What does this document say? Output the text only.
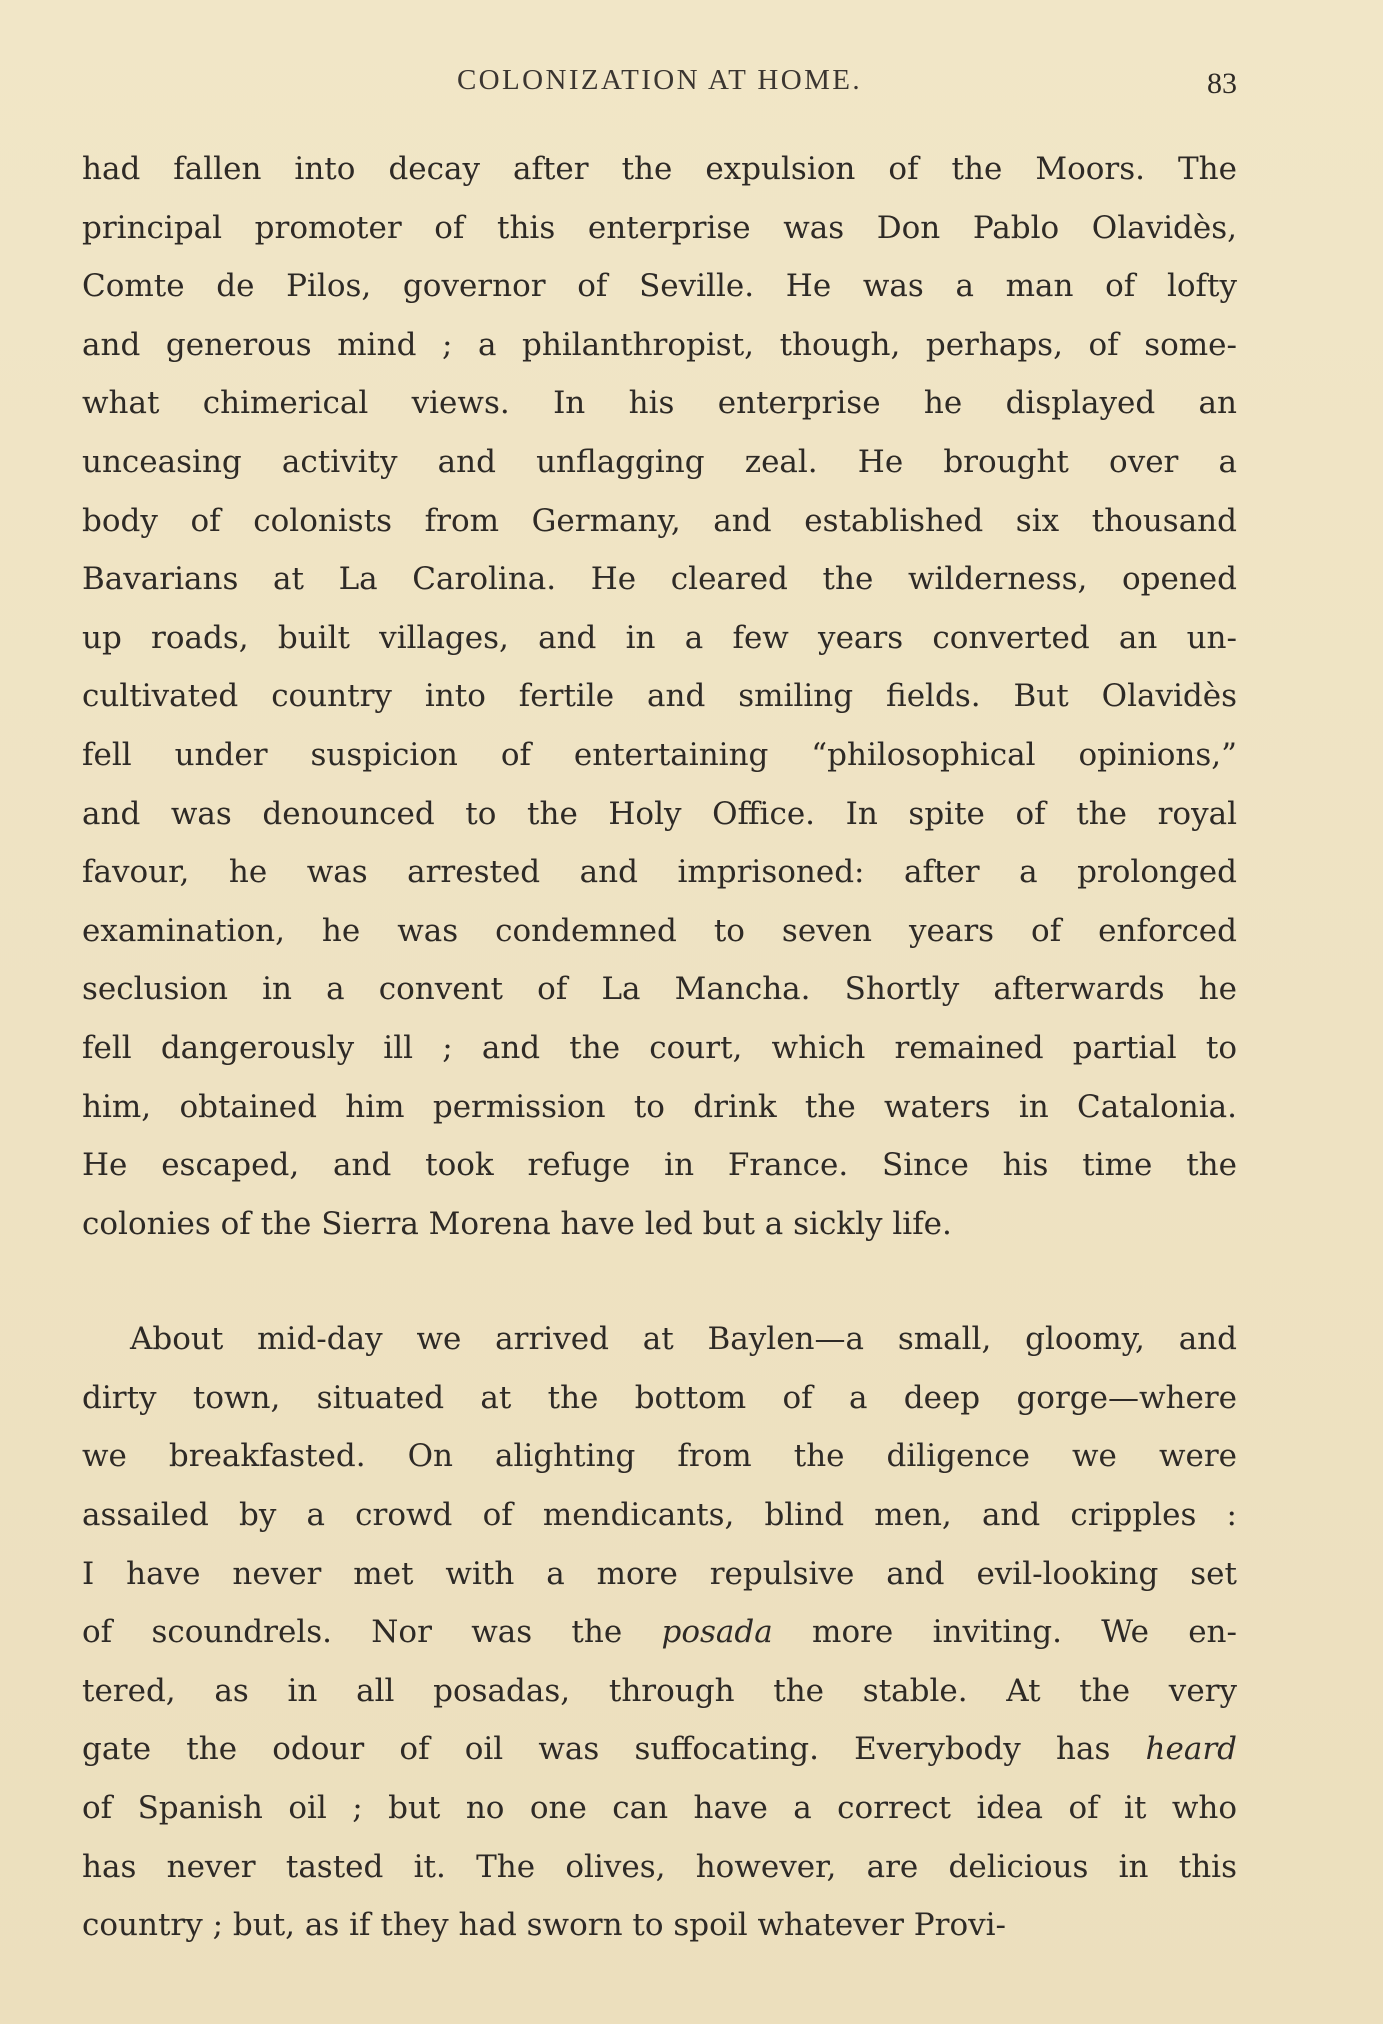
COLONIZATION AT HOME.	83
had fallen into decay after the expulsion of the Moors. The
principal promoter of this enterprise was Don Pablo Olavidès,
Comte de Pilos, governor of Seville. He was a man of lofty
and generous mind ; a philanthropist, though, perhaps, of some-
what chimerical views. In his enterprise he displayed an
unceasing activity and unflagging zeal. He brought over a
body of colonists from Germany, and established six thousand
Bavarians at La Carolina. He cleared the wilderness, opened
up roads, built villages, and in a few years converted an un-
cultivated country into fertile and smiling fields. But Olavidès
fell under suspicion of entertaining “philosophical opinions,”
and was denounced to the Holy Office. In spite of the royal
favour, he was arrested and imprisoned: after a prolonged
examination, he was condemned to seven years of enforced
seclusion in a convent of La Mancha. Shortly afterwards he
fell dangerously ill ; and the court, which remained partial to
him, obtained him permission to drink the waters in Catalonia.
He escaped, and took refuge in France. Since his time the
colonies of the Sierra Morena have led but a sickly life.
About mid-day we arrived at Baylen—a small, gloomy, and
dirty town, situated at the bottom of a deep gorge—where
we breakfasted. On alighting from the diligence we were
assailed by a crowd of mendicants, blind men, and cripples :
I have never met with a more repulsive and evil-looking set
of scoundrels. Nor was the posada more inviting. We en-
tered, as in all posadas, through the stable. At the very
gate the odour of oil was suffocating. Everybody has heard
of Spanish oil ; but no one can have a correct idea of it who
has never tasted it. The olives, however, are delicious in this
country ; but, as if they had sworn to spoil whatever Provi-
